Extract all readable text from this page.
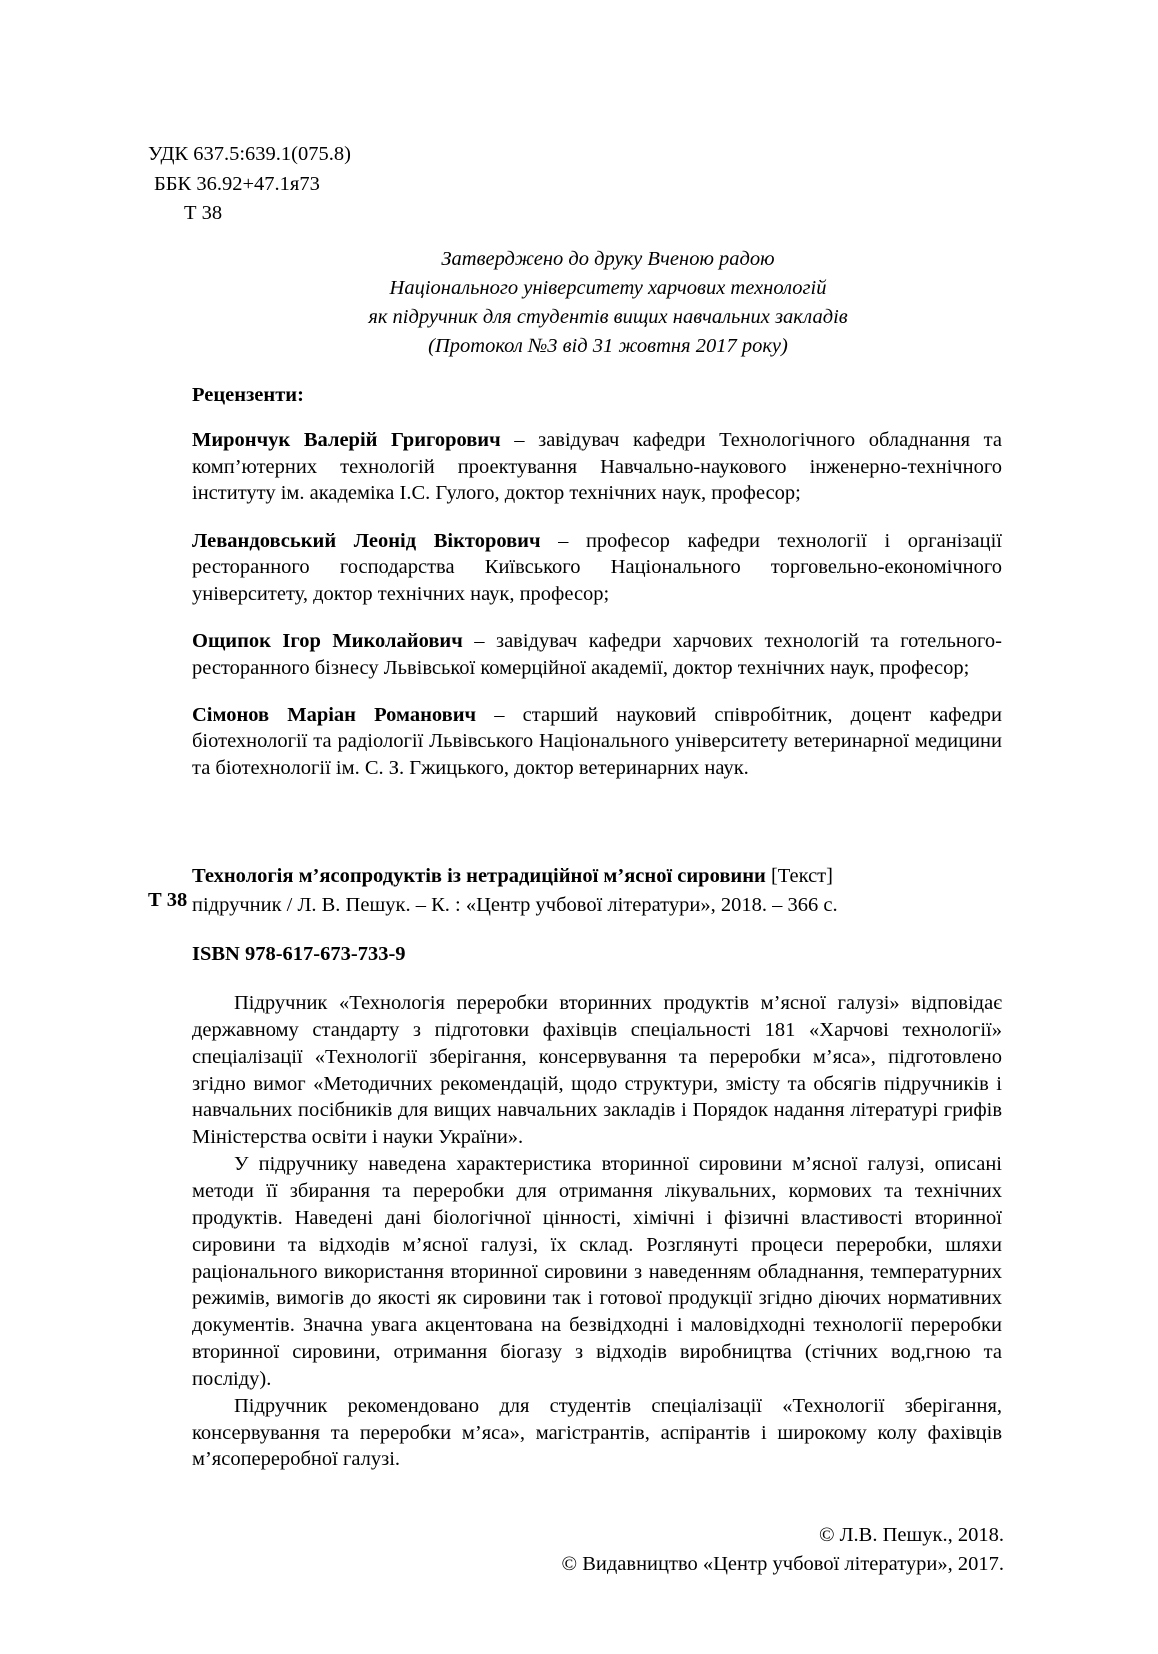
УДК 637.5:639.1(075.8)
ББК 36.92+47.1я73
Т 38
Затверджено до друку Вченою радою
Національного університету харчових технологій
як підручник для студентів вищих навчальних закладів
(Протокол №3 від 31 жовтня 2017 року)
Рецензенти:

Мирончук Валерій Григорович – завідувач кафедри Технологічного обладнання та комп’ютерних технологій проектування Навчально-наукового інженерно-технічного інституту ім. академіка І.С. Гулого, доктор технічних наук, професор;

Левандовський Леонід Вікторович – професор кафедри технології і організації ресторанного господарства Київського Національного торговельно-економічного університету, доктор технічних наук, професор;

Ощипок Ігор Миколайович – завідувач кафедри харчових технологій та готельного-ресторанного бізнесу Львівської комерційної академії, доктор технічних наук, професор;

Сімонов Маріан Романович – старший науковий співробітник, доцент кафедри біотехнології та радіології Львівського Національного університету ветеринарної медицини та біотехнології ім. С. З. Гжицького, доктор ветеринарних наук.

Т 38
Технологія м’ясопродуктів із нетрадиційної м’ясної сировини [Текст]
підручник / Л. В. Пешук. – К. : «Центр учбової літератури», 2018. – 366 с.
ISBN 978-617-673-733-9

Підручник «Технологія переробки вторинних продуктів м’ясної галузі» відповідає державному стандарту з підготовки фахівців спеціальності 181 «Харчові технології» спеціалізації «Технології зберігання, консервування та переробки м’яса», підготовлено згідно вимог «Методичних рекомендацій, щодо структури, змісту та обсягів підручників і навчальних посібників для вищих навчальних закладів і Порядок надання літературі грифів Міністерства освіти і науки України».

У підручнику наведена характеристика вторинної сировини м’ясної галузі, описані методи її збирання та переробки для отримання лікувальних, кормових та технічних продуктів. Наведені дані біологічної цінності, хімічні і фізичні властивості вторинної сировини та відходів м’ясної галузі, їх склад. Розглянуті процеси переробки, шляхи раціонального використання вторинної сировини з наведенням обладнання, температурних режимів, вимогів до якості як сировини так і готової продукції згідно діючих нормативних документів. Значна увага акцентована на безвідходні і маловідходні технології переробки вторинної сировини, отримання біогазу з відходів виробництва (стічних вод,гною та посліду).

Підручник рекомендовано для студентів спеціалізації «Технології зберігання, консервування та переробки м’яса», магістрантів, аспірантів і широкому колу фахівців м’ясопереробної галузі.

© Л.В. Пешук., 2018.
© Видавництво «Центр учбової літератури», 2017.
